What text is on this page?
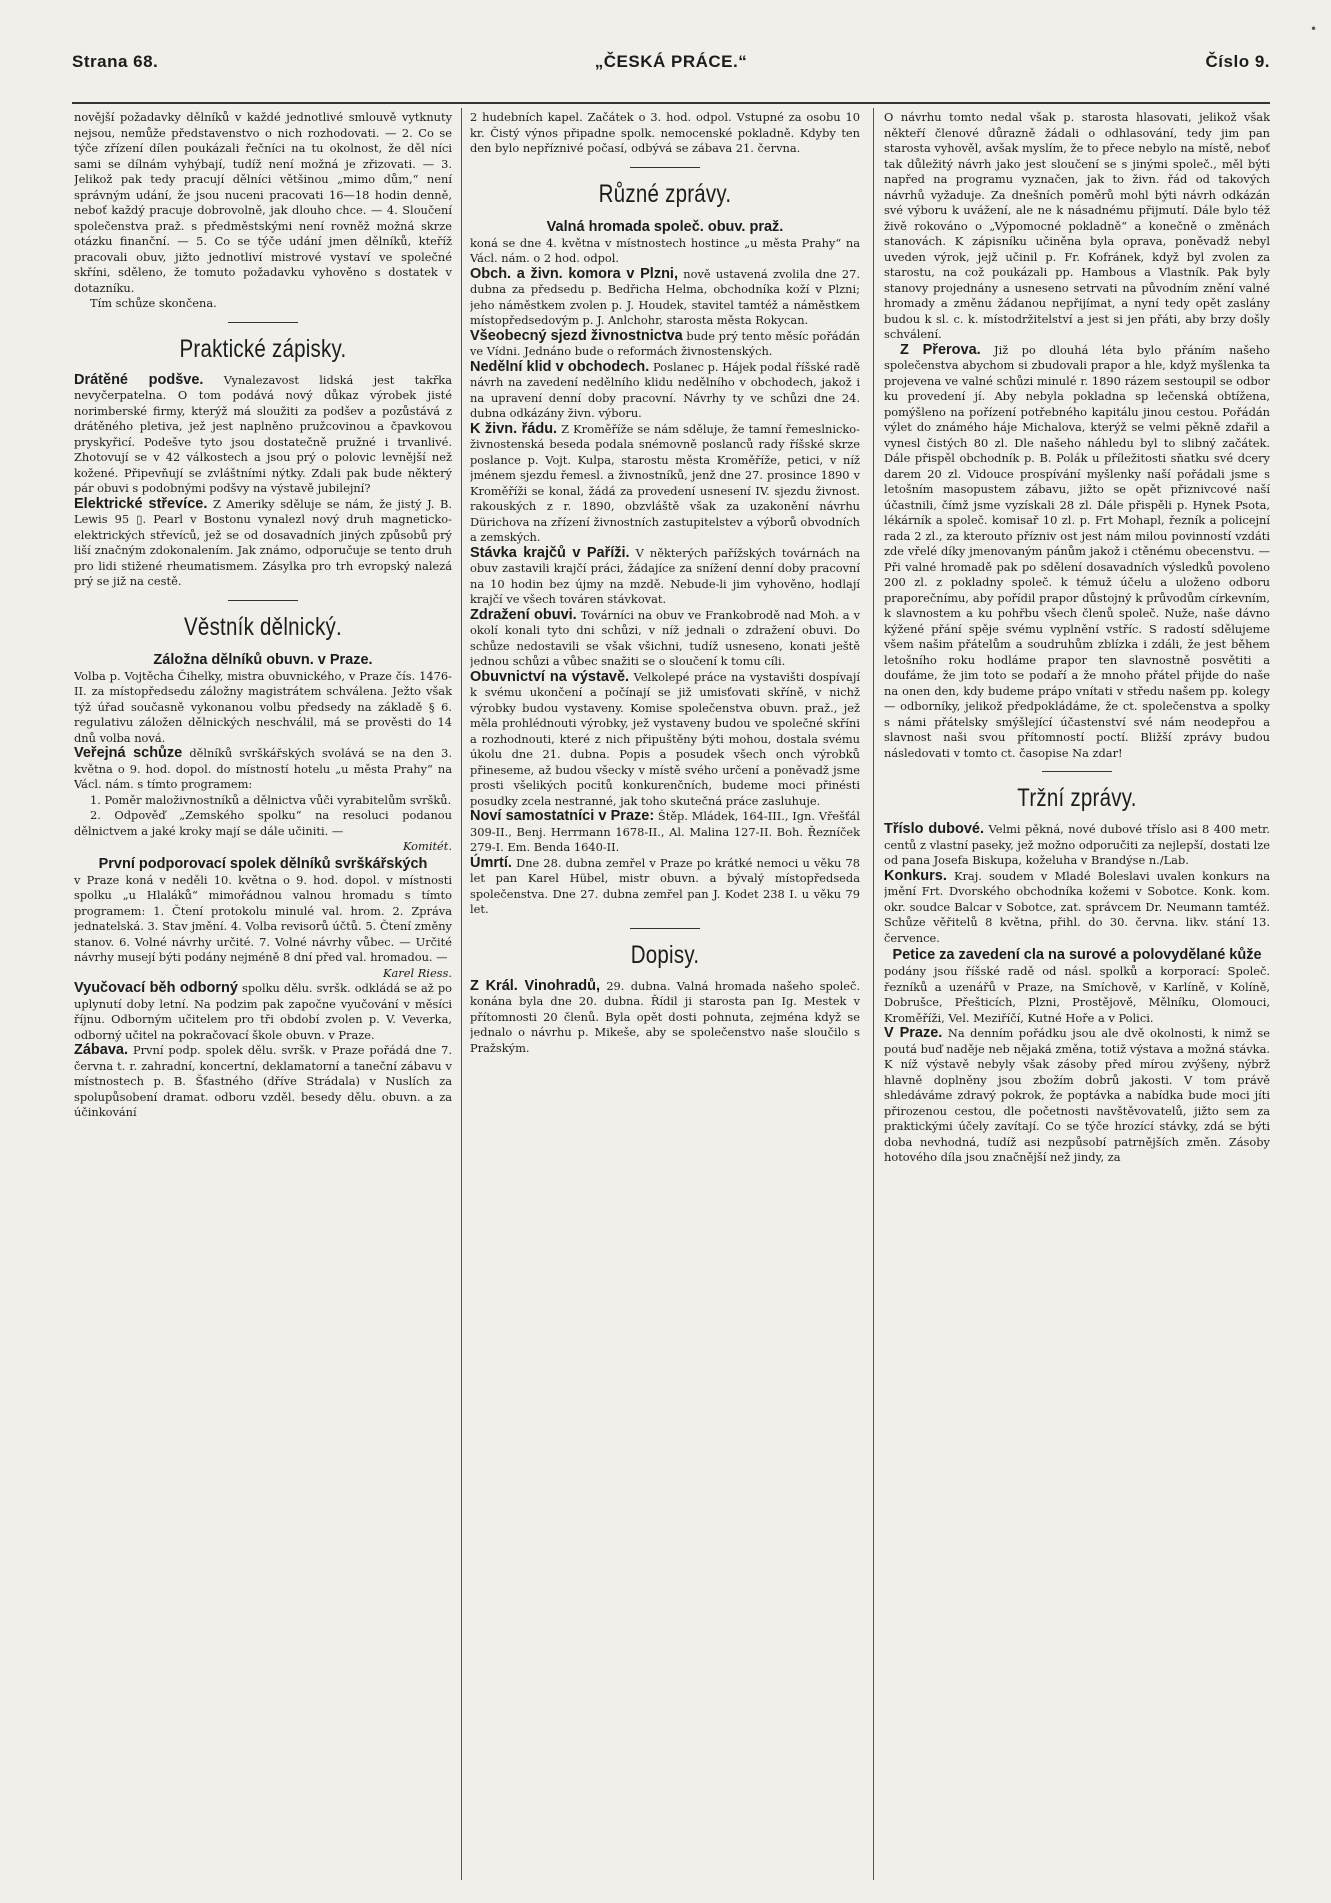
Strana 68.	„ČESKÁ PRÁCE.“	Číslo 9.
•

novější požadavky dělníků v každé jednotlivé smlouvě vytknuty nejsou, nemůže představenstvo o nich rozhodovati. — 2. Co se týče zřízení dílen poukázali řečníci na tu okolnost, že děl níci sami se dílnám vyhýbají, tudíž není možná je zřizovati. — 3. Jelikož pak tedy pracují dělníci většinou „mimo dům,“ není správným udání, že jsou nuceni pracovati 16—18 hodin denně, neboť každý pracuje dobrovolně, jak dlouho chce. — 4. Sloučení společenstva praž. s předměstskými není rovněž možná skrze otázku finanční. — 5. Co se týče udání jmen dělníků, kteříž pracovali obuv, jižto jednotliví mistrové vystaví ve společné skříni, sděleno, že tomuto požadavku vyhověno s dostatek v dotazníku.

Tím schůze skončena.

Praktické zápisky.

Drátěné podšve. Vynalezavost lidská jest takřka nevyčerpatelna. O tom podává nový důkaz výrobek jisté norimberské firmy, kterýž má sloužiti za podšev a pozůstává z drátěného pletiva, jež jest naplněno pružcovinou a čpavkovou pryskyřicí. Podešve tyto jsou dostatečně pružné i trvanlivé. Zhotovují se v 42 válkostech a jsou prý o polovic levnější než kožené. Připevňují se zvláštními nýtky. Zdali pak bude některý pár obuvi s podobnými podšvy na výstavě jubilejní?

Elektrické střevíce. Z Ameriky sděluje se nám, že jistý J. B. Lewis 95 ▯. Pearl v Bostonu vynalezl nový druh magneticko-elektrických střevíců, jež se od dosavadních jiných způsobů prý liší značným zdokonalením. Jak známo, odporučuje se tento druh pro lidi stižené rheumatismem. Zásylka pro trh evropský nalezá prý se již na cestě.

Věstník dělnický.
Záložna dělníků obuvn. v Praze.

Volba p. Vojtěcha Čihelky, mistra obuvnického, v Praze čís. 1476-II. za místopředsedu záložny magistrátem schválena. Ježto však týž úřad současně vykonanou volbu předsedy na základě § 6. regulativu záložen dělnických neschválil, má se prověsti do 14 dnů volba nová.

Veřejná schůze dělníků svrškářských svolává se na den 3. května o 9. hod. dopol. do místností hotelu „u města Prahy“ na Václ. nám. s tímto programem:

1. Poměr maloživnostníků a dělnictva vůči vyrabitelům svršků.

2. Odpověď „Zemského spolku“ na resoluci podanou dělnictvem a jaké kroky mají se dále učiniti. —

Komitét.
První podporovací spolek dělníků svrškářských

v Praze koná v neděli 10. května o 9. hod. dopol. v místnosti spolku „u Hlaláků“ mimořádnou valnou hromadu s tímto programem: 1. Čtení protokolu minulé val. hrom. 2. Zpráva jednatelská. 3. Stav jmění. 4. Volba revisorů účtů. 5. Čtení změny stanov. 6. Volné návrhy určité. 7. Volné návrhy vůbec. — Určité návrhy musejí býti podány nejméně 8 dní před val. hromadou. —

Karel Riess.

Vyučovací běh odborný spolku dělu. svršk. odkládá se až po uplynutí doby letní. Na podzim pak započne vyučování v měsíci říjnu. Odborným učitelem pro tři období zvolen p. V. Veverka, odborný učitel na pokračovací škole obuvn. v Praze.

Zábava. První podp. spolek dělu. svršk. v Praze pořádá dne 7. června t. r. zahradní, koncertní, deklamatorní a taneční zábavu v místnostech p. B. Šťastného (dříve Strádala) v Nuslích za spolupůsobení dramat. odboru vzděl. besedy dělu. obuvn. a za účinkování

2 hudebních kapel. Začátek o 3. hod. odpol. Vstupné za osobu 10 kr. Čistý výnos připadne spolk. nemocenské pokladně. Kdyby ten den bylo nepříznivé počasí, odbývá se zábava 21. června.

Různé zprávy.
Valná hromada společ. obuv. praž.

koná se dne 4. května v místnostech hostince „u města Prahy“ na Václ. nám. o 2 hod. odpol.

Obch. a živn. komora v Plzni, nově ustavená zvolila dne 27. dubna za předsedu p. Bedřicha Helma, obchodníka koží v Plzni; jeho náměstkem zvolen p. J. Houdek, stavitel tamtéž a náměstkem místopředsedovým p. J. Anlchohr, starosta města Rokycan.

Všeobecný sjezd živnostnictva bude prý tento měsíc pořádán ve Vídni. Jednáno bude o reformách živnostenských.

Nedělní klid v obchodech. Poslanec p. Hájek podal říšské radě návrh na zavedení nedělního klidu nedělního v obchodech, jakož i na upravení denní doby pracovní. Návrhy ty ve schůzi dne 24. dubna odkázány živn. výboru.

K živn. řádu. Z Kroměříže se nám sděluje, že tamní řemeslnicko-živnostenská beseda podala snémovně poslanců rady říšské skrze poslance p. Vojt. Kulpa, starostu města Kroměříže, petici, v níž jménem sjezdu řemesl. a živnostníků, jenž dne 27. prosince 1890 v Kroměříži se konal, žádá za provedení usnesení IV. sjezdu živnost. rakouských z r. 1890, obzvláště však za uzakonění návrhu Dürichova na zřízení živnostních zastupitelstev a výborů obvodních a zemských.

Stávka krajčů v Paříži. V některých pařížských továrnách na obuv zastavili krajčí práci, žádajíce za snížení denní doby pracovní na 10 hodin bez újmy na mzdě. Nebude-li jim vyhověno, hodlají krajčí ve všech továren stávkovat.

Zdražení obuvi. Továrníci na obuv ve Frankobrodě nad Moh. a v okolí konali tyto dni schůzi, v níž jednali o zdražení obuvi. Do schůze nedostavili se však všichni, tudíž usneseno, konati ještě jednou schůzi a vůbec snažiti se o sloučení k tomu cíli.

Obuvnictví na výstavě. Velkolepé práce na vystavišti dospívají k svému ukončení a počínají se již umisťovati skříně, v nichž výrobky budou vystaveny. Komise společenstva obuvn. praž., jež měla prohlédnouti výrobky, jež vystaveny budou ve společné skříni a rozhodnouti, které z nich připuštěny býti mohou, dostala svému úkolu dne 21. dubna. Popis a posudek všech onch výrobků přineseme, až budou všecky v místě svého určení a poněvadž jsme prosti všelikých pocitů konkurenčních, budeme moci přinésti posudky zcela nestranné, jak toho skutečná práce zasluhuje.

Noví samostatníci v Praze: Štěp. Mládek, 164-III., Ign. Vřešťál 309-II., Benj. Herrmann 1678-II., Al. Malina 127-II. Boh. Řezníček 279-I. Em. Benda 1640-II.

Úmrtí. Dne 28. dubna zemřel v Praze po krátké nemoci u věku 78 let pan Karel Hübel, mistr obuvn. a bývalý místopředseda společenstva. Dne 27. dubna zemřel pan J. Kodet 238 I. u věku 79 let.

Dopisy.

Z Král. Vinohradů, 29. dubna. Valná hromada našeho společ. konána byla dne 20. dubna. Řídil ji starosta pan Ig. Mestek v přítomnosti 20 členů. Byla opět dosti pohnuta, zejména když se jednalo o návrhu p. Mikeše, aby se společenstvo naše sloučilo s Pražským.

O návrhu tomto nedal však p. starosta hlasovati, jelikož však někteří členové důrazně žádali o odhlasování, tedy jim pan starosta vyhověl, avšak myslím, že to přece nebylo na místě, neboť tak důležitý návrh jako jest sloučení se s jinými společ., měl býti napřed na programu vyznačen, jak to živn. řád od takových návrhů vyžaduje. Za dnešních poměrů mohl býti návrh odkázán své výboru k uvážení, ale ne k násadnému přijmutí. Dále bylo též živě rokováno o „Výpomocné pokladně“ a konečně o změnách stanovách. K zápisníku učiněna byla oprava, poněvadž nebyl uveden výrok, jejž učinil p. Fr. Kofránek, když byl zvolen za starostu, na což poukázali pp. Hambous a Vlastník. Pak byly stanovy projednány a usneseno setrvati na původním znění valné hromady a změnu žádanou nepřijímat, a nyní tedy opět zaslány budou k sl. c. k. místodržitelství a jest si jen přáti, aby brzy došly schválení.

Z Přerova. Již po dlouhá léta bylo přáním našeho společenstva abychom si zbudovali prapor a hle, když myšlenka ta projevena ve valné schůzi minulé r. 1890 rázem sestoupil se odbor ku provedení jí. Aby nebyla pokladna sp lečenská obtížena, pomýšleno na pořízení potřebného kapitálu jinou cestou. Pořádán výlet do známého háje Michalova, kterýž se velmi pěkně zdařil a vynesl čistých 80 zl. Dle našeho náhledu byl to slibný začátek. Dále přispěl obchodník p. B. Polák u příležitosti sňatku své dcery darem 20 zl. Vidouce prospívání myšlenky naší pořádali jsme s letošním masopustem zábavu, jižto se opět přiznivcové naší účastnili, čímž jsme vyzískali 28 zl. Dále přispěli p. Hynek Psota, lékárník a společ. komisař 10 zl. p. Frt Mohapl, řezník a policejní rada 2 zl., za kterouto přízniv ost jest nám milou povinností vzdáti zde vřelé díky jmenovaným pánům jakož i ctěnému obecenstvu. — Při valné hromadě pak po sdělení dosavadních výsledků povoleno 200 zl. z pokladny společ. k témuž účelu a uloženo odboru praporečnímu, aby pořídil prapor důstojný k průvodům církevním, k slavnostem a ku pohřbu všech členů společ. Nuže, naše dávno kýžené přání spěje svému vyplnění vstříc. S radostí sdělujeme všem našim přátelům a soudruhům zblízka i zdáli, že jest během letošního roku hodláme prapor ten slavnostně posvětiti a doufáme, že jim toto se podaří a že mnoho přátel přijde do naše na onen den, kdy budeme prápo vnítati v středu našem pp. kolegy — odborníky, jelikož předpokládáme, že ct. společenstva a spolky s námi přátelsky smýšlející účastenství své nám neodepřou a slavnost naši svou přítomností poctí. Bližší zprávy budou následovati v tomto ct. časopise Na zdar!

Tržní zprávy.

Tříslo dubové. Velmi pěkná, nové dubové tříslo asi 8 400 metr. centů z vlastní paseky, jež možno odporučiti za nejlepší, dostati lze od pana Josefa Biskupa, koželuha v Brandýse n./Lab.

Konkurs. Kraj. soudem v Mladé Boleslavi uvalen konkurs na jmění Frt. Dvorského obchodníka kožemi v Sobotce. Konk. kom. okr. soudce Balcar v Sobotce, zat. správcem Dr. Neumann tamtéž. Schůze věřitelů 8 května, přihl. do 30. června. likv. stání 13. července.

Petice za zavedení cla na surové a polovydělané kůže

podány jsou říšské radě od násl. spolků a korporací: Společ. řezníků a uzenářů v Praze, na Smíchově, v Karlíně, v Kolíně, Dobrušce, Přešticích, Plzni, Prostějově, Mělníku, Olomouci, Kroměříži, Vel. Meziříčí, Kutné Hoře a v Polici.

V Praze. Na denním pořádku jsou ale dvě okolnosti, k nimž se poutá buď naděje neb nějaká změna, totiž výstava a možná stávka. K níž výstavě nebyly však zásoby před mírou zvýšeny, nýbrž hlavně doplněny jsou zbožím dobrů jakosti. V tom právě shledáváme zdravý pokrok, že poptávka a nabídka bude moci jíti přirozenou cestou, dle početnosti navštěvovatelů, jižto sem za praktickými účely zavítají. Co se týče hrozící stávky, zdá se býti doba nevhodná, tudíž asi nezpůsobí patrnějších změn. Zásoby hotového díla jsou značnější než jindy, za
